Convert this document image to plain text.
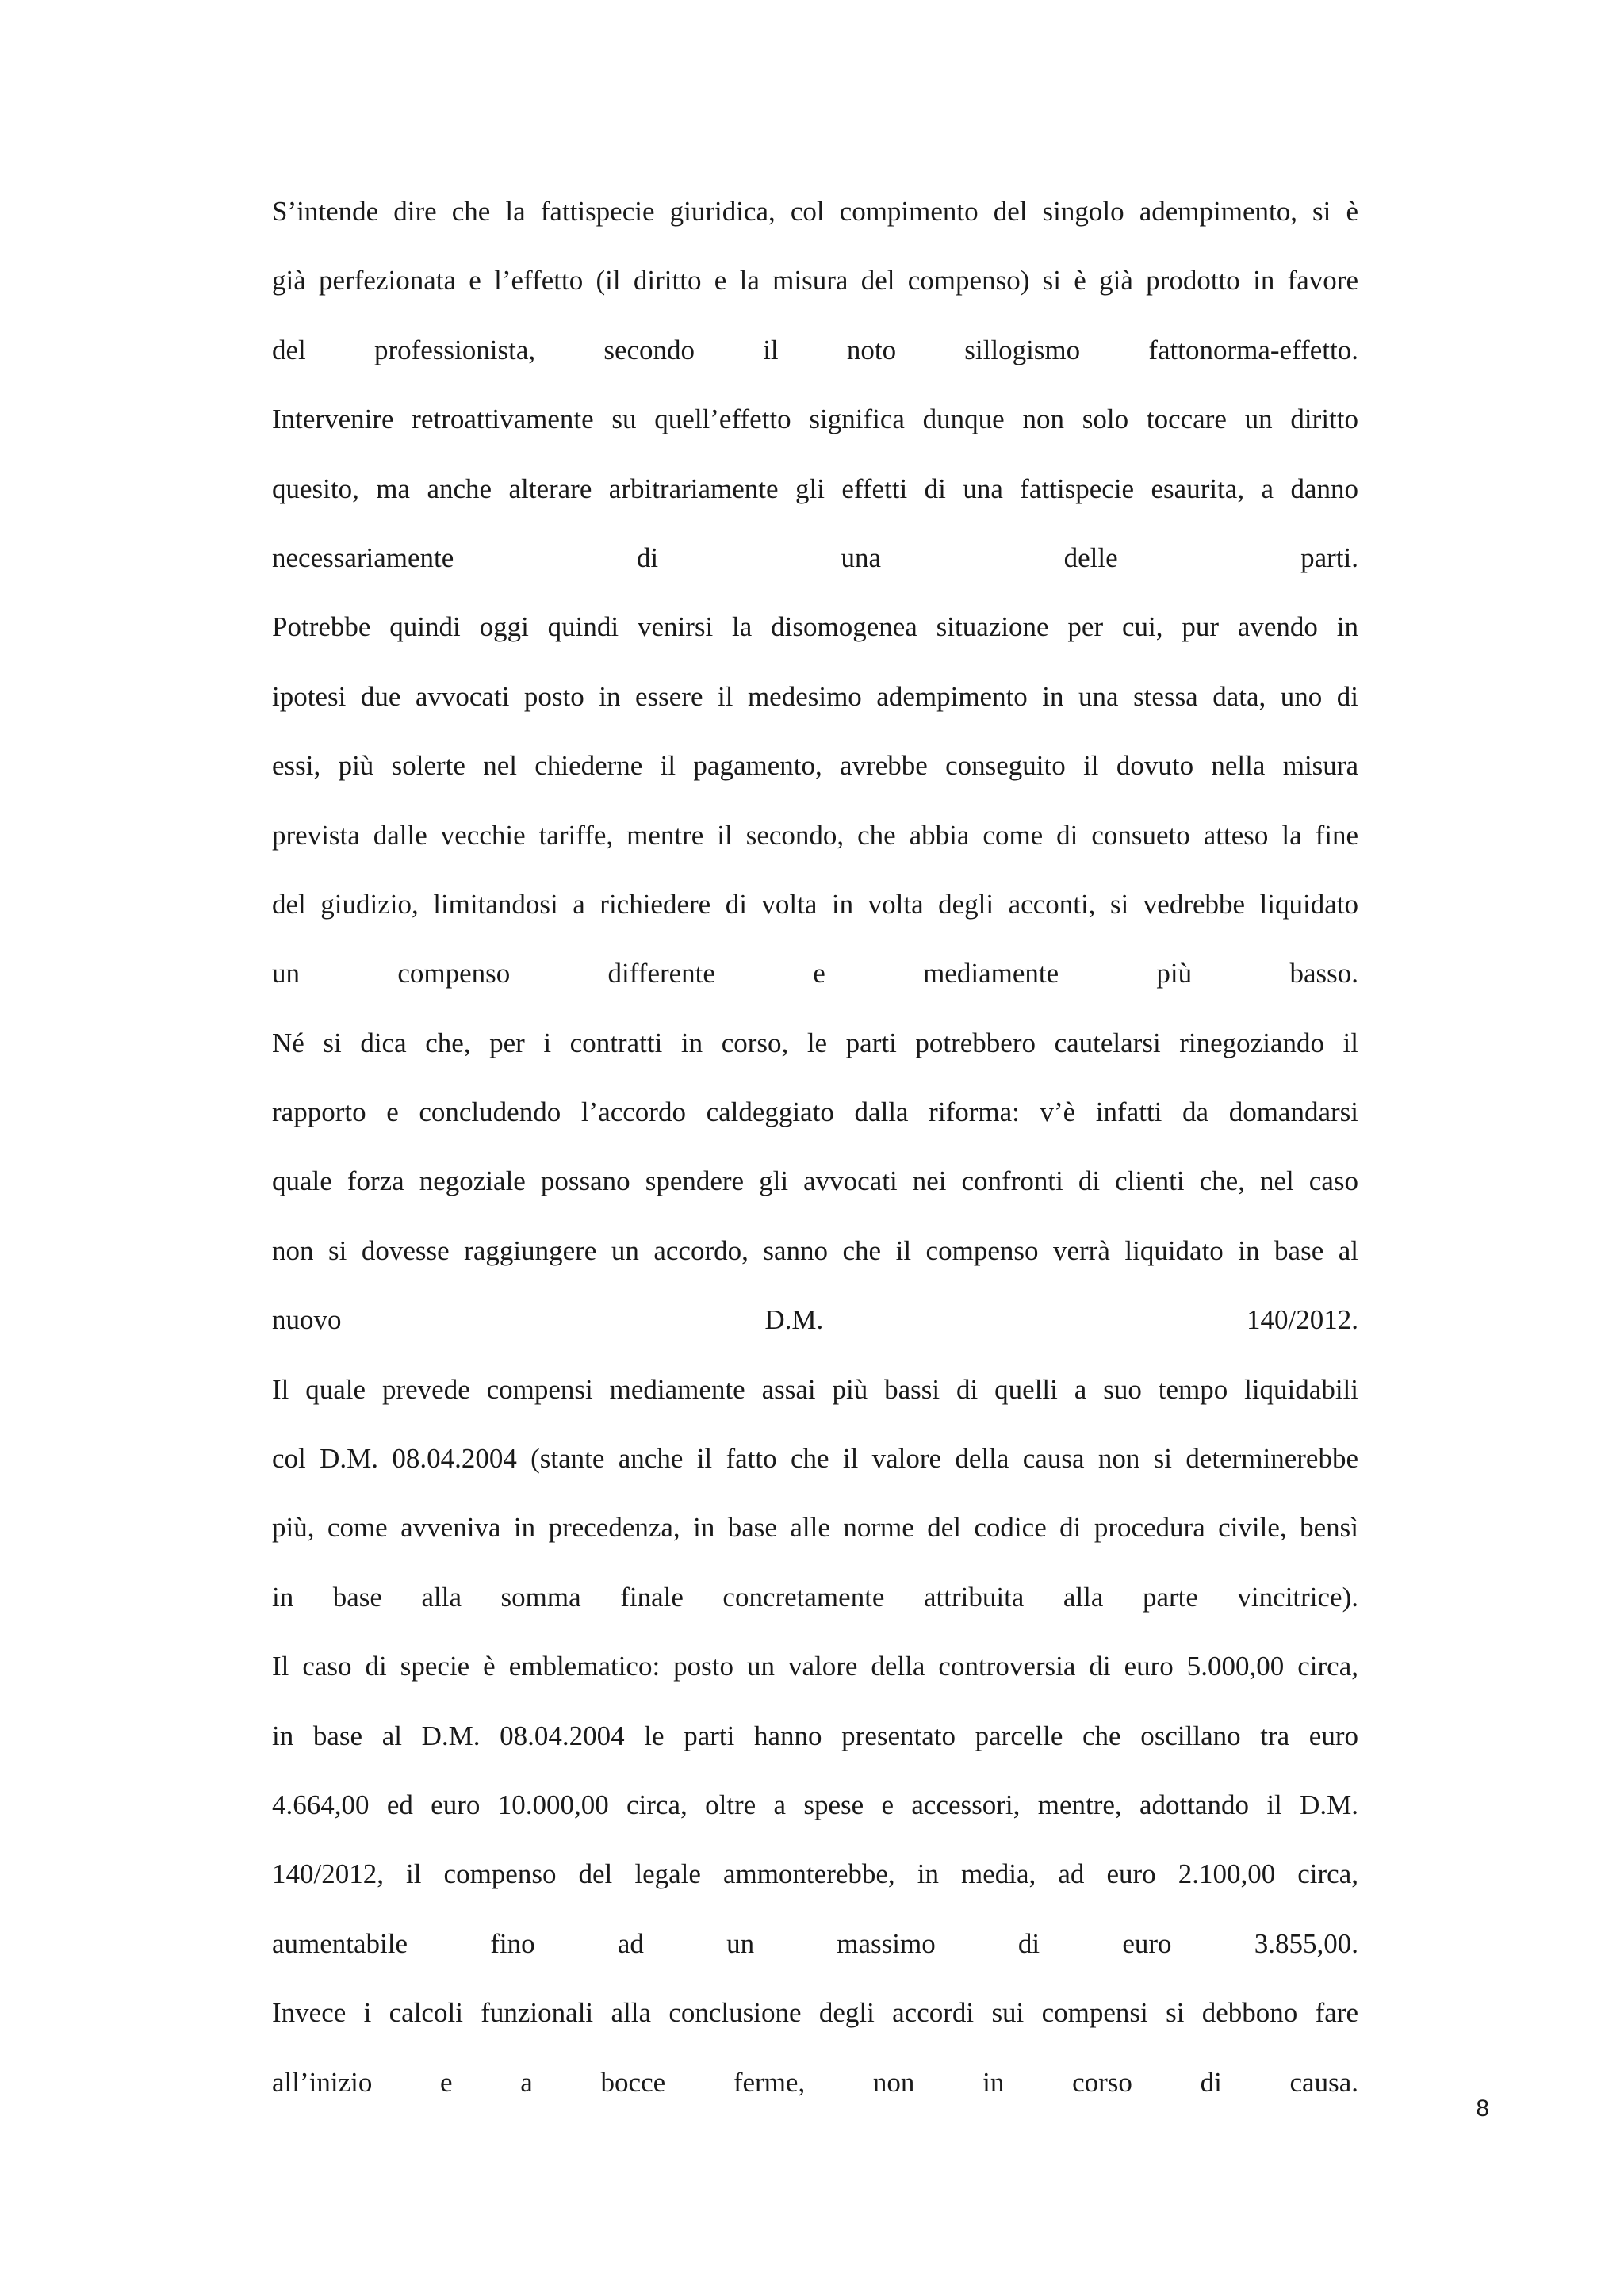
S’intende dire che la fattispecie giuridica, col compimento del singolo adempimento, si è
già perfezionata e l’effetto (il diritto e la misura del compenso) si è già prodotto in favore
del professionista, secondo il noto sillogismo fattonorma-effetto.
Intervenire retroattivamente su quell’effetto significa dunque non solo toccare un diritto
quesito, ma anche alterare arbitrariamente gli effetti di una fattispecie esaurita, a danno
necessariamente di una delle parti.
Potrebbe quindi oggi quindi venirsi la disomogenea situazione per cui, pur avendo in
ipotesi due avvocati posto in essere il medesimo adempimento in una stessa data, uno di
essi, più solerte nel chiederne il pagamento, avrebbe conseguito il dovuto nella misura
prevista dalle vecchie tariffe, mentre il secondo, che abbia come di consueto atteso la fine
del giudizio, limitandosi a richiedere di volta in volta degli acconti, si vedrebbe liquidato
un compenso differente e mediamente più basso.
Né si dica che, per i contratti in corso, le parti potrebbero cautelarsi rinegoziando il
rapporto e concludendo l’accordo caldeggiato dalla riforma: v’è infatti da domandarsi
quale forza negoziale possano spendere gli avvocati nei confronti di clienti che, nel caso
non si dovesse raggiungere un accordo, sanno che il compenso verrà liquidato in base al
nuovo D.M. 140/2012.
Il quale prevede compensi mediamente assai più bassi di quelli a suo tempo liquidabili
col D.M. 08.04.2004 (stante anche il fatto che il valore della causa non si determinerebbe
più, come avveniva in precedenza, in base alle norme del codice di procedura civile, bensì
in base alla somma finale concretamente attribuita alla parte vincitrice).
Il caso di specie è emblematico: posto un valore della controversia di euro 5.000,00 circa,
in base al D.M. 08.04.2004 le parti hanno presentato parcelle che oscillano tra euro
4.664,00 ed euro 10.000,00 circa, oltre a spese e accessori, mentre, adottando il D.M.
140/2012, il compenso del legale ammonterebbe, in media, ad euro 2.100,00 circa,
aumentabile fino ad un massimo di euro 3.855,00.
Invece i calcoli funzionali alla conclusione degli accordi sui compensi si debbono fare
all’inizio e a bocce ferme, non in corso di causa.
8
